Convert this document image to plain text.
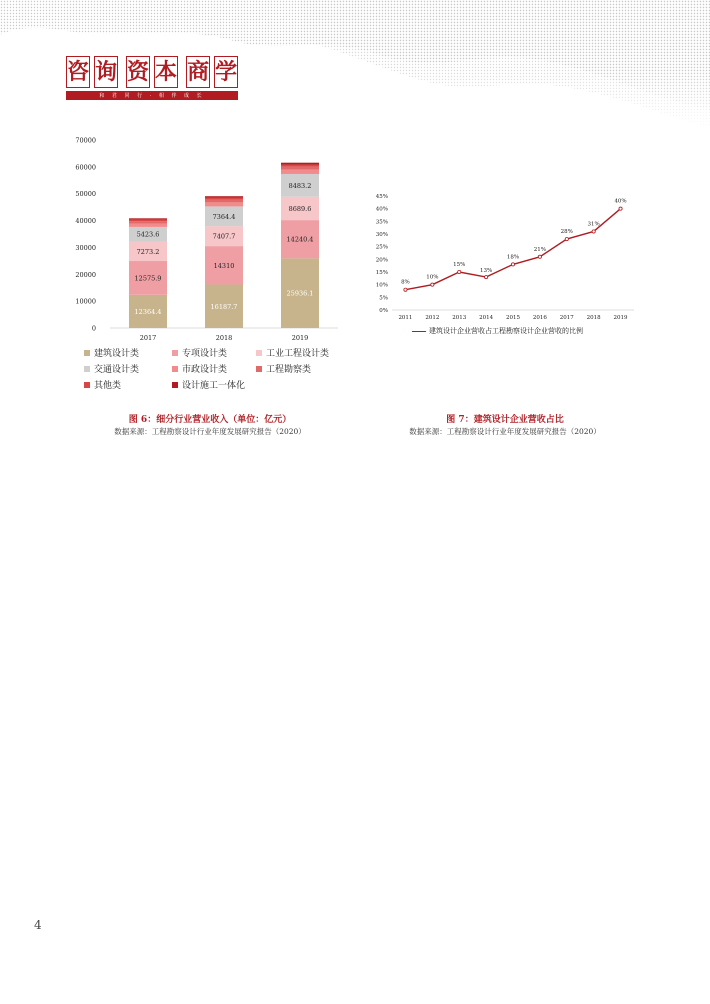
咨 询 资 本 商 学
和 君 同 行 · 相 伴 成 长
0
10000
20000
30000
40000
50000
60000
70000
12364.4
12575.9
7273.2
5423.6
2017
16187.7
14310
7407.7
7364.4
2018
25936.1
14240.4
8689.6
8483.2
2019
建筑设计类	专项设计类	工业工程设计类
交通设计类	市政设计类	工程勘察类
其他类	设计施工一体化
图 6：细分行业营业收入（单位：亿元）
数据来源：工程勘察设计行业年度发展研究报告（2020）
0%
5%
10%
15%
20%
25%
30%
35%
40%
45%
2011 2012 2013 2014 2015 2016 2017 2018 2019
8%
10%
15%
13%
18%
21%
28%
31%
40%
建筑设计企业营收占工程勘察设计企业营收的比例
图 7：建筑设计企业营收占比
数据来源：工程勘察设计行业年度发展研究报告（2020）
4
